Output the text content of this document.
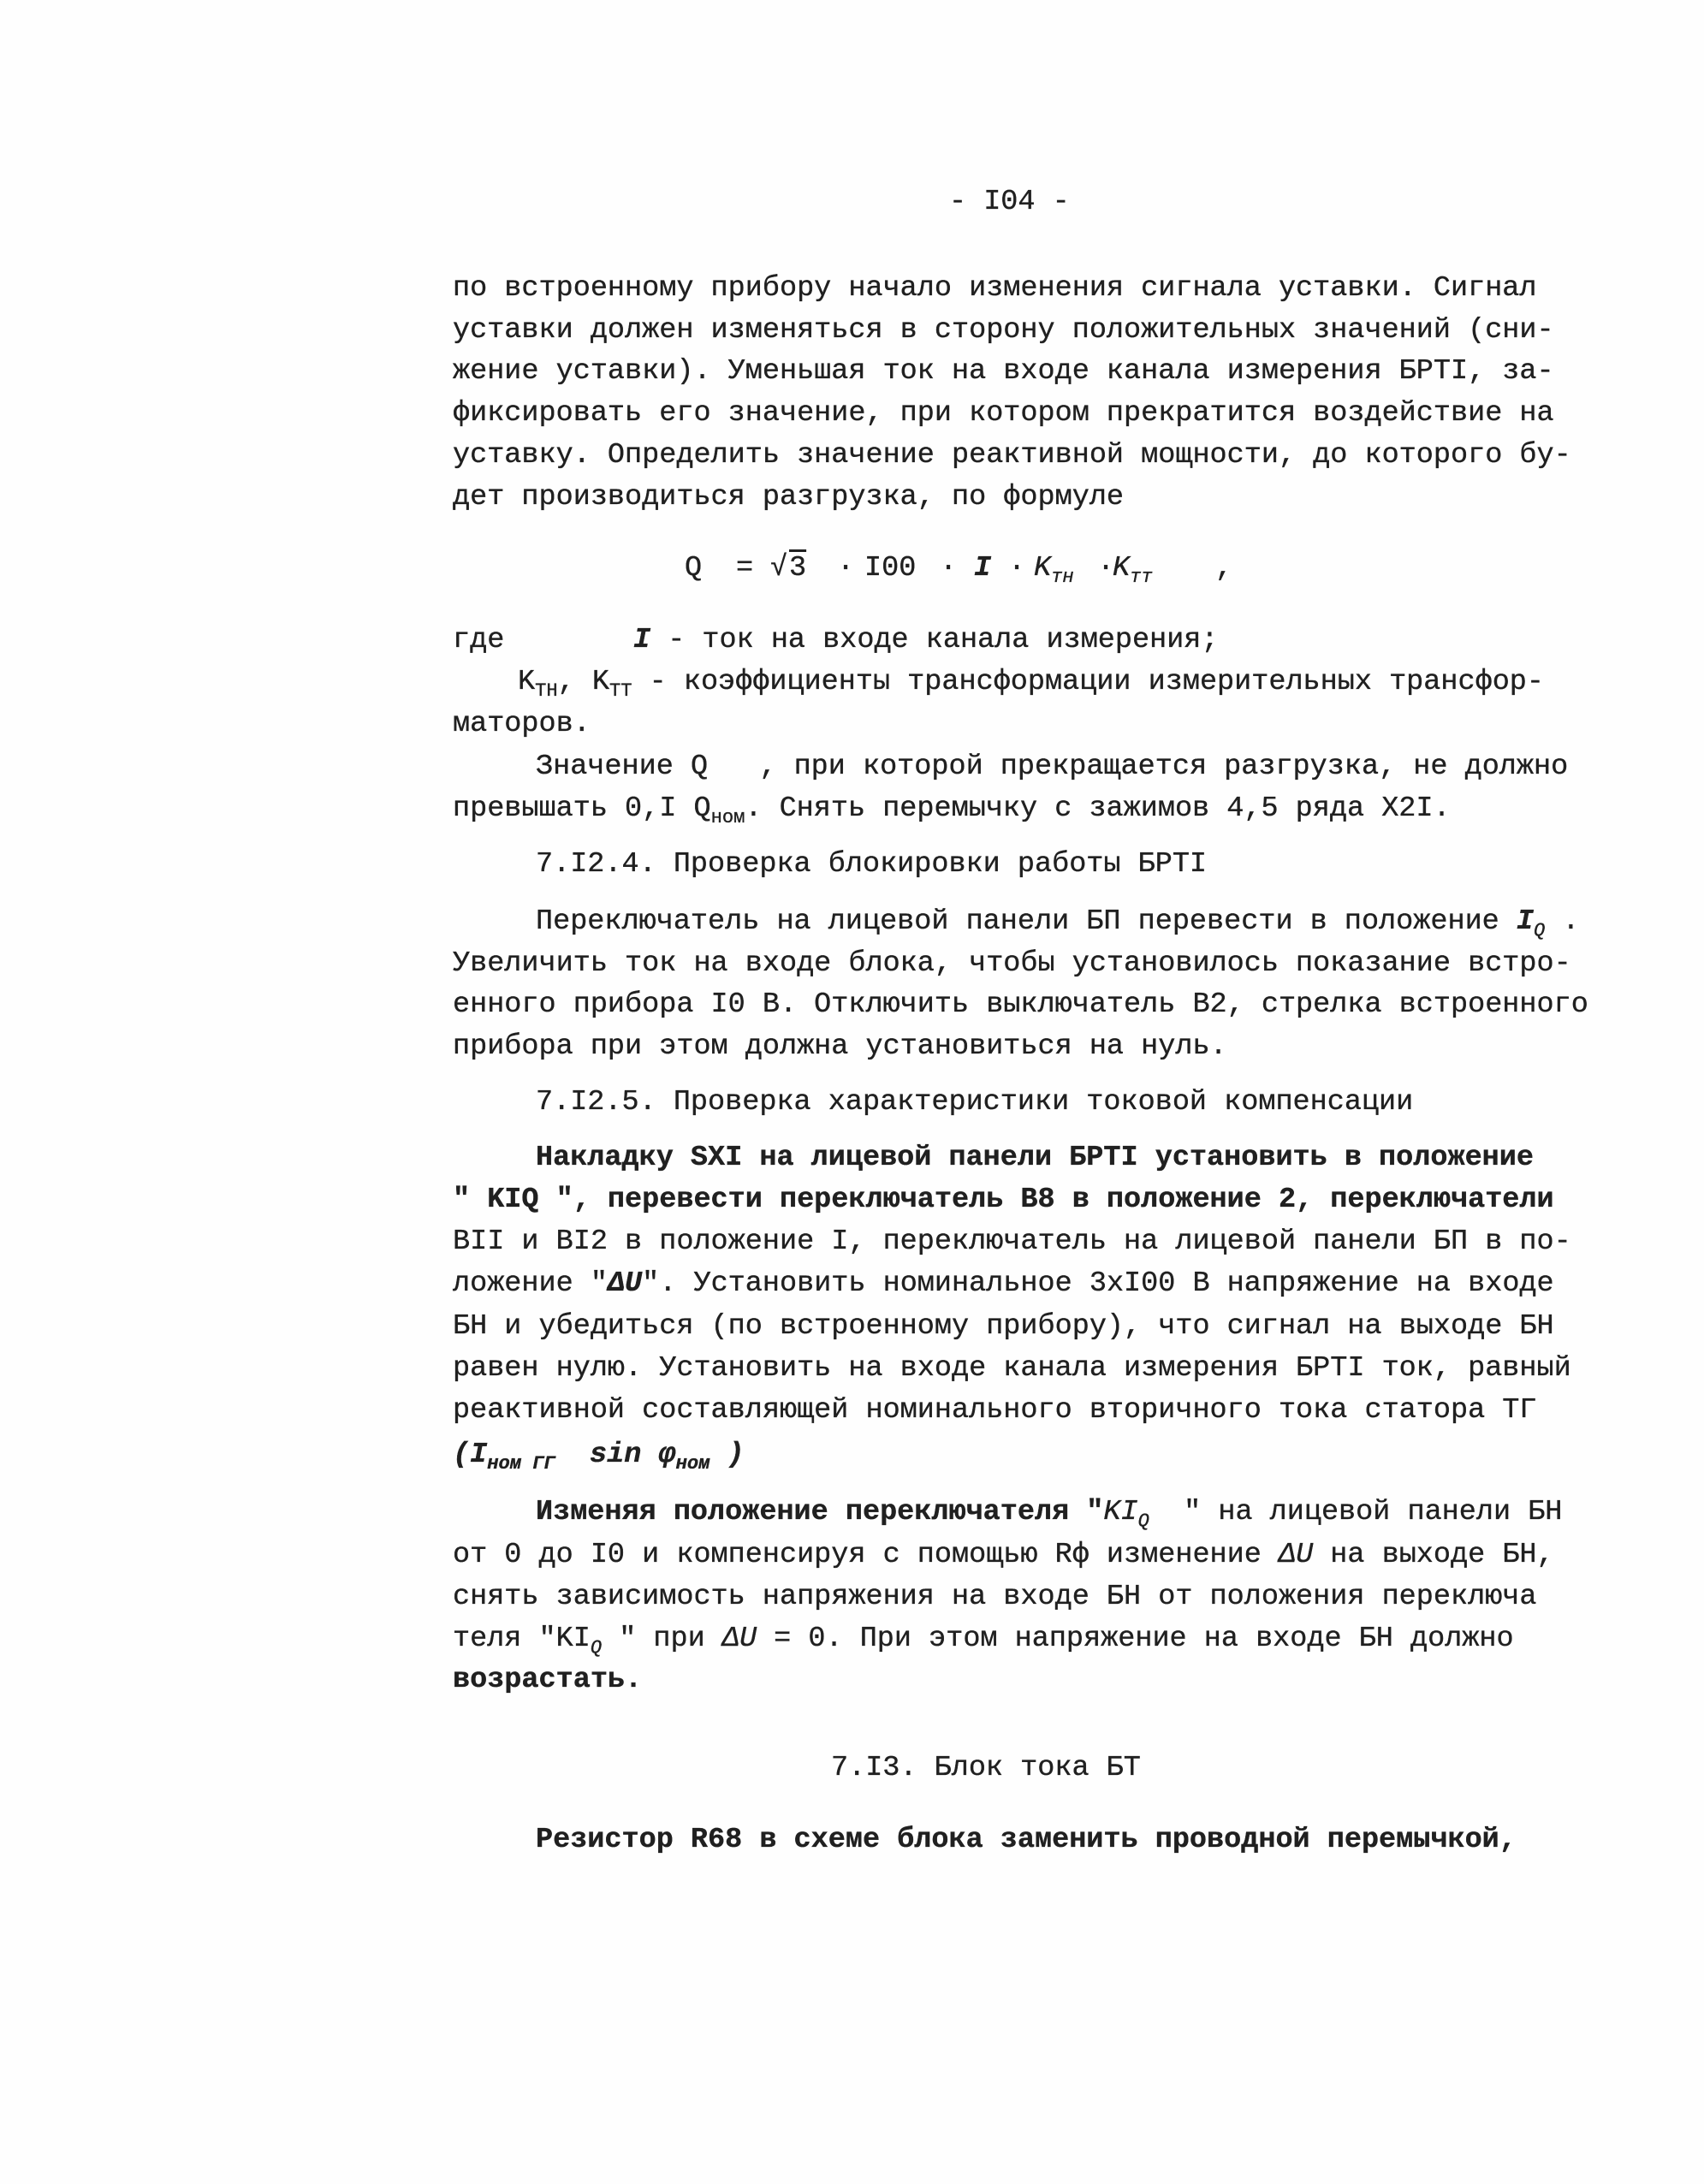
- I04 -
по встроенному прибору начало изменения сигнала уставки. Сигнал
уставки должен изменяться в сторону положительных значений (сни-
жение уставки). Уменьшая ток на входе канала измерения БРТI, за-
фиксировать его значение, при котором прекратится воздействие на
уставку. Определить значение реактивной мощности, до которого бу-
дет производиться разгрузка, по формуле
Q = √ $3 \cdot I00 \cdot I \cdot K_{тн}$ ·
$K_{тт}$ ,
где	I - ток на входе канала измерения;
$K_{ТН}$, $K_{ТТ}$ - коэффициенты трансформации измерительных трансфор-
маторов.
Значение Q   , при которой прекращается разгрузка, не должно
превышать 0,I $Q_{ном}$. Снять перемычку с зажимов 4,5 ряда X2I.
7.I2.4. Проверка блокировки работы БРТI
Переключатель на лицевой панели БП перевести в положение $I_Q$ .
Увеличить ток на входе блока, чтобы установилось показание встро-
енного прибора I0 В. Отключить выключатель В2, стрелка встроенного
прибора при этом должна установиться на нуль.
7.I2.5. Проверка характеристики токовой компенсации
Накладку SXI на лицевой панели БРТI установить в положение
" KIQ ", перевести переключатель В8 в положение 2, переключатели
ВII и ВI2 в положение I, переключатель на лицевой панели БП в по-
ложение "ΔU". Установить номинальное 3хI00 В напряжение на входе
БН и убедиться (по встроенному прибору), что сигнал на выходе БН
равен нулю. Установить на входе канала измерения БРТI ток, равный
реактивной составляющей номинального вторичного тока статора ТГ
($I_{ном ГГ}$  $\sin \varphi_{ном}$ )
Изменяя положение переключателя "$KI_Q$  " на лицевой панели БН
от 0 до I0 и компенсируя с помощью Rф изменение ΔU на выходе БН,
снять зависимость напряжения на входе БН от положения переключа
теля "$KI_Q$ " при ΔU = 0. При этом напряжение на входе БН должно
возрастать.
7.I3. Блок тока БТ
Резистор R68 в схеме блока заменить проводной перемычкой,
